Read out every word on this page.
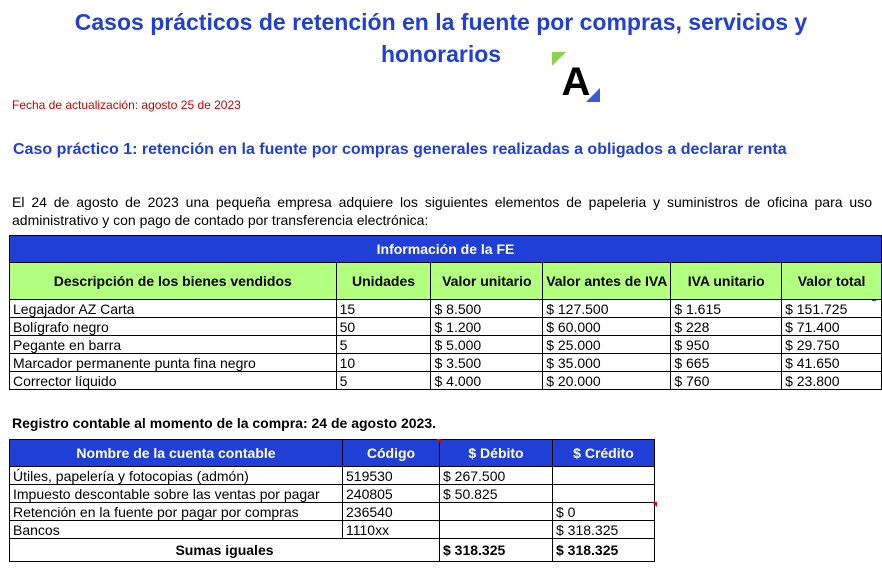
Casos prácticos de retención en la fuente por compras, servicios y honorarios
A
Fecha de actualización: agosto 25 de 2023
Caso práctico 1: retención en la fuente por compras generales realizadas a obligados a declarar renta
El 24 de agosto de 2023 una pequeña empresa adquiere los siguientes elementos de papeleria y suministros de oficina para uso administrativo y con pago de contado por transferencia electrónica:
Información de la FE					
Descripción de los bienes vendidos	Unidades	Valor unitario	Valor antes de IVA	IVA unitario	Valor total
Legajador AZ Carta	15	$ 8.500	$ 127.500	$ 1.615	$ 151.725
Bolígrafo negro	50	$ 1.200	$ 60.000	$ 228	$ 71.400
Pegante en barra	5	$ 5.000	$ 25.000	$ 950	$ 29.750
Marcador permanente punta fina negro	10	$ 3.500	$ 35.000	$ 665	$ 41.650
Corrector líquido	5	$ 4.000	$ 20.000	$ 760	$ 23.800
Registro contable al momento de la compra: 24 de agosto 2023.
Nombre de la cuenta contable	Código	$ Débito	$ Crédito
Útiles, papelería y fotocopias (admón)	519530	$ 267.500	
Impuesto descontable sobre las ventas por pagar	240805	$ 50.825	
Retención en la fuente por pagar por compras	236540		$ 0
Bancos	1110xx		$ 318.325
Sumas iguales		$ 318.325	$ 318.325
